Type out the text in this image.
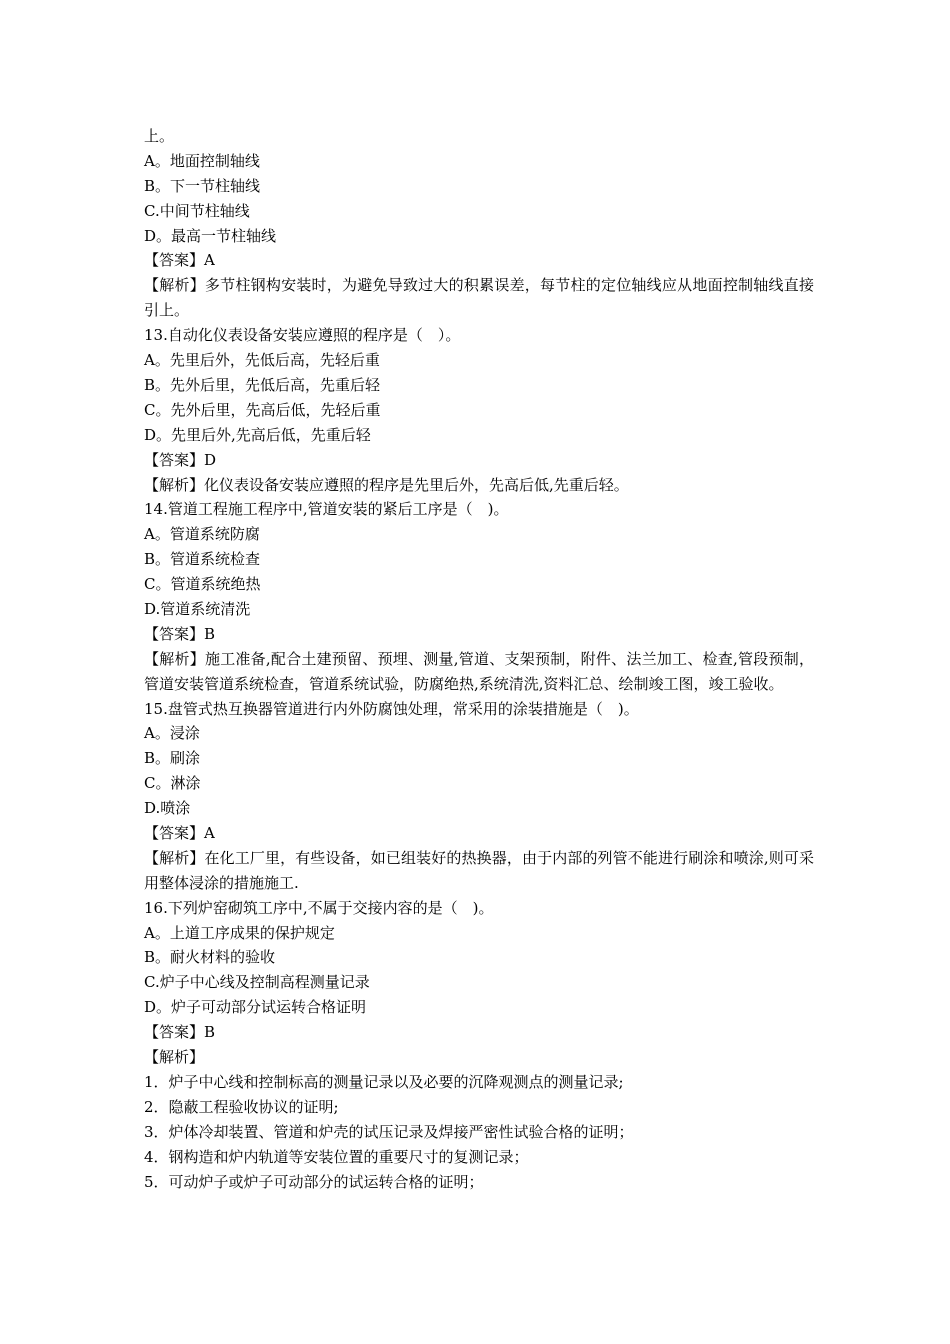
上。
A。地面控制轴线
B。下一节柱轴线
C.中间节柱轴线
D。最高一节柱轴线
【答案】A
【解析】多节柱钢构安装时，为避免导致过大的积累误差，每节柱的定位轴线应从地面控制轴线直接引上。
13.自动化仪表设备安装应遵照的程序是（　）。
A。先里后外，先低后高，先轻后重
B。先外后里，先低后高，先重后轻
C。先外后里，先高后低，先轻后重
D。先里后外,先高后低，先重后轻
【答案】D
【解析】化仪表设备安装应遵照的程序是先里后外，先高后低,先重后轻。
14.管道工程施工程序中,管道安装的紧后工序是（　)。
A。管道系统防腐
B。管道系统检查
C。管道系统绝热
D.管道系统清洗
【答案】B
【解析】施工准备,配合土建预留、预埋、测量,管道、支架预制，附件、法兰加工、检查,管段预制，管道安装管道系统检查，管道系统试验，防腐绝热,系统清洗,资料汇总、绘制竣工图，竣工验收。
15.盘管式热互换器管道进行内外防腐蚀处理，常采用的涂装措施是（　)。
A。浸涂
B。刷涂
C。淋涂
D.喷涂
【答案】A
【解析】在化工厂里，有些设备，如已组装好的热换器，由于内部的列管不能进行刷涂和喷涂,则可采用整体浸涂的措施施工.
16.下列炉窑砌筑工序中,不属于交接内容的是（　)。
A。上道工序成果的保护规定
B。耐火材料的验收
C.炉子中心线及控制高程测量记录
D。炉子可动部分试运转合格证明
【答案】B
【解析】
1．炉子中心线和控制标高的测量记录以及必要的沉降观测点的测量记录;
2．隐蔽工程验收协议的证明;
3．炉体冷却装置、管道和炉壳的试压记录及焊接严密性试验合格的证明；
4．钢构造和炉内轨道等安装位置的重要尺寸的复测记录；
5．可动炉子或炉子可动部分的试运转合格的证明；
